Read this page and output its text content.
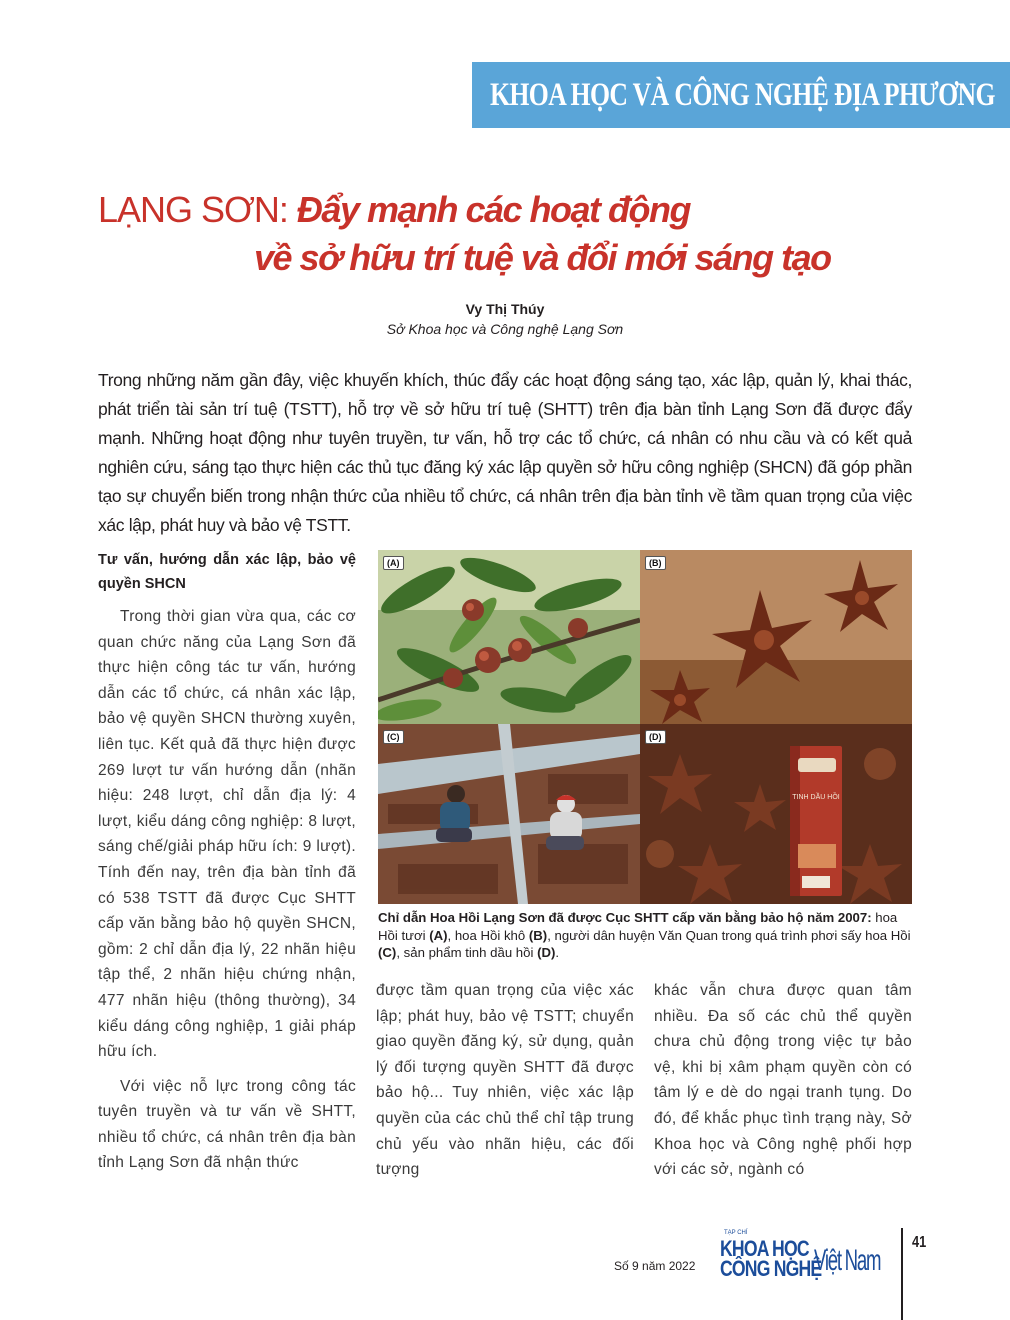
KHOA HỌC VÀ CÔNG NGHỆ ĐỊA PHƯƠNG
LẠNG SƠN: Đẩy mạnh các hoạt động
về sở hữu trí tuệ và đổi mới sáng tạo
Vy Thị Thúy
Sở Khoa học và Công nghệ Lạng Sơn
Trong những năm gần đây, việc khuyến khích, thúc đẩy các hoạt động sáng tạo, xác lập, quản lý, khai thác, phát triển tài sản trí tuệ (TSTT), hỗ trợ về sở hữu trí tuệ (SHTT) trên địa bàn tỉnh Lạng Sơn đã được đẩy mạnh. Những hoạt động như tuyên truyền, tư vấn, hỗ trợ các tổ chức, cá nhân có nhu cầu và có kết quả nghiên cứu, sáng tạo thực hiện các thủ tục đăng ký xác lập quyền sở hữu công nghiệp (SHCN) đã góp phần tạo sự chuyển biến trong nhận thức của nhiều tổ chức, cá nhân trên địa bàn tỉnh về tầm quan trọng của việc xác lập, phát huy và bảo vệ TSTT.
Tư vấn, hướng dẫn xác lập, bảo vệ quyền SHCN

Trong thời gian vừa qua, các cơ quan chức năng của Lạng Sơn đã thực hiện công tác tư vấn, hướng dẫn các tổ chức, cá nhân xác lập, bảo vệ quyền SHCN thường xuyên, liên tục. Kết quả đã thực hiện được 269 lượt tư vấn hướng dẫn (nhãn hiệu: 248 lượt, chỉ dẫn địa lý: 4 lượt, kiểu dáng công nghiệp: 8 lượt, sáng chế/giải pháp hữu ích: 9 lượt). Tính đến nay, trên địa bàn tỉnh đã có 538 TSTT đã được Cục SHTT cấp văn bằng bảo hộ quyền SHCN, gồm: 2 chỉ dẫn địa lý, 22 nhãn hiệu tập thể, 2 nhãn hiệu chứng nhận, 477 nhãn hiệu (thông thường), 34 kiểu dáng công nghiệp, 1 giải pháp hữu ích.

Với việc nỗ lực trong công tác tuyên truyền và tư vấn về SHTT, nhiều tổ chức, cá nhân trên địa bàn tỉnh Lạng Sơn đã nhận thức

(A)	(B)
(C)
TINH DẦU HỒI
(D)
Chỉ dẫn Hoa Hồi Lạng Sơn đã được Cục SHTT cấp văn bằng bảo hộ năm 2007: hoa Hồi tươi (A), hoa Hồi khô (B), người dân huyện Văn Quan trong quá trình phơi sấy hoa Hồi (C), sản phẩm tinh dầu hồi (D).

được tầm quan trọng của việc xác lập; phát huy, bảo vệ TSTT; chuyển giao quyền đăng ký, sử dụng, quản lý đối tượng quyền SHTT đã được bảo hộ... Tuy nhiên, việc xác lập quyền của các chủ thể chỉ tập trung chủ yếu vào nhãn hiệu, các đối tượng

khác vẫn chưa được quan tâm nhiều. Đa số các chủ thể quyền chưa chủ động trong việc tự bảo vệ, khi bị xâm phạm quyền còn có tâm lý e dè do ngại tranh tụng. Do đó, để khắc phục tình trạng này, Sở Khoa học và Công nghệ phối hợp với các sở, ngành có

Số 9 năm 2022
TẠP CHÍ
KHOA HỌC
CÔNG NGHỆ
Việt Nam
41
